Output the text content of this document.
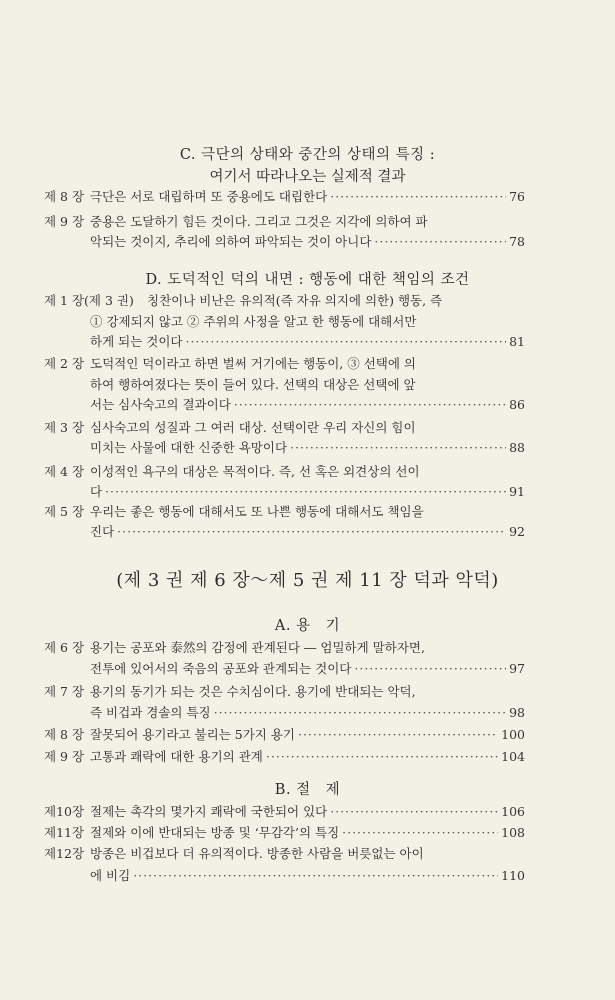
C. 극단의 상태와 중간의 상태의 특징 :
여기서 따라나오는 실제적 결과
제 8 장 극단은 서로 대립하며 또 중용에도 대립한다 ·····	76
제 9 장 중용은 도달하기 힘든 것이다. 그리고 그것은 지각에 의하여 파
악되는 것이지, 추리에 의하여 파악되는 것이 아니다 ·····	78
D. 도덕적인 덕의 내면 : 행동에 대한 책임의 조건
제 1 장(제 3 권) 칭찬이나 비난은 유의적(즉 자유 의지에 의한) 행동, 즉
① 강제되지 않고 ② 주위의 사정을 알고 한 행동에 대해서만
하게 되는 것이다 ·····	81
제 2 장 도덕적인 덕이라고 하면 벌써 거기에는 행동이, ③ 선택에 의
하여 행하여졌다는 뜻이 들어 있다. 선택의 대상은 선택에 앞
서는 심사숙고의 결과이다 ·····	86
제 3 장 심사숙고의 성질과 그 여러 대상. 선택이란 우리 자신의 힘이
미치는 사물에 대한 신중한 욕망이다 ·····	88
제 4 장 이성적인 욕구의 대상은 목적이다. 즉, 선 혹은 외견상의 선이
다 ·····	91
제 5 장 우리는 좋은 행동에 대해서도 또 나쁜 행동에 대해서도 책임을
진다 ·····	92
(제 3 권 제 6 장～제 5 권 제 11 장 덕과 악덕)
A. 용　기
제 6 장 용기는 공포와 泰然의 감정에 관계된다 ― 엄밀하게 말하자면,
전투에 있어서의 죽음의 공포와 관계되는 것이다 ·····	97
제 7 장 용기의 동기가 되는 것은 수치심이다. 용기에 반대되는 악덕,
즉 비겁과 경솔의 특징 ·····	98
제 8 장 잘못되어 용기라고 불리는 5가지 용기 ·····	100
제 9 장 고통과 쾌락에 대한 용기의 관계 ·····	104
B. 절　제
제10장 절제는 촉각의 몇가지 쾌락에 국한되어 있다 ·····	106
제11장 절제와 이에 반대되는 방종 및 ‘무감각’의 특징 ·····	108
제12장 방종은 비겁보다 더 유의적이다. 방종한 사람을 버릇없는 아이
에 비김 ·····	110
